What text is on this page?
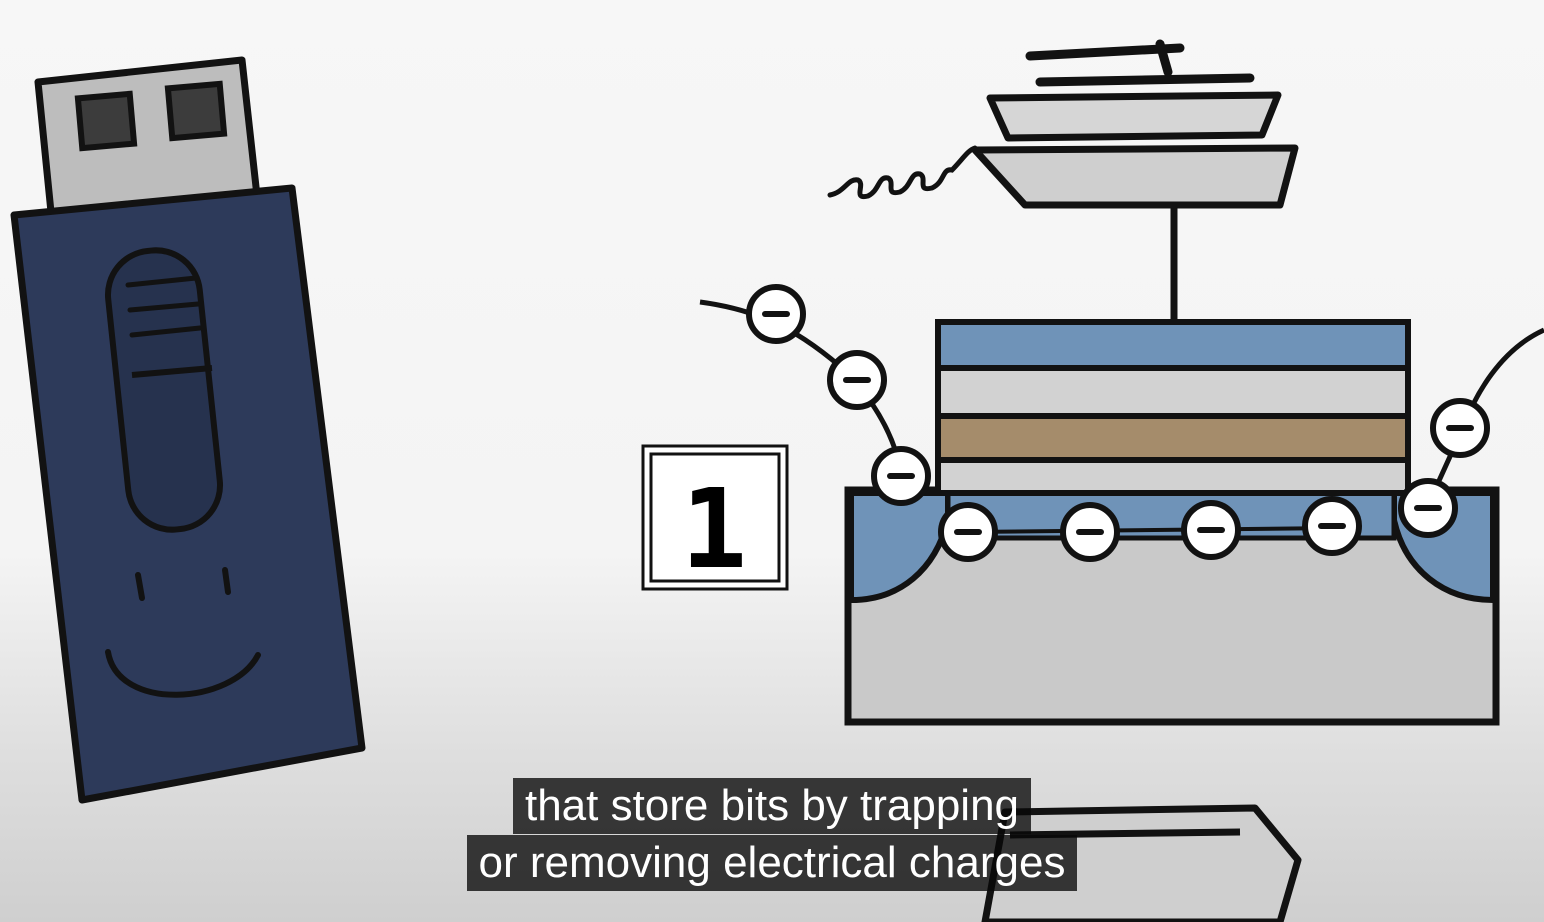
1
that store bits by trapping
or removing electrical charges
